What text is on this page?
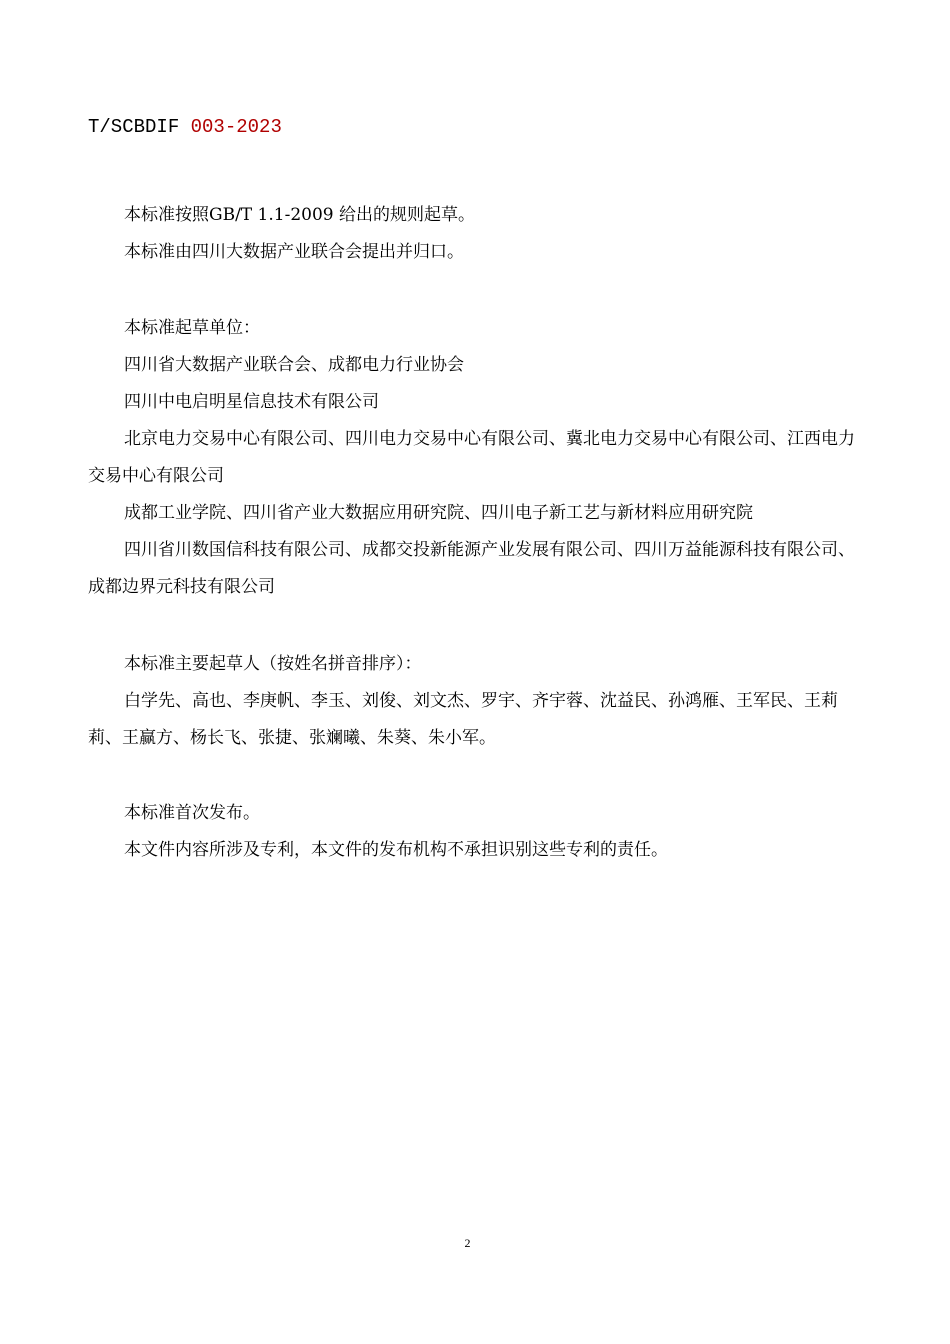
T/SCBDIF 003-2023

本标准按照GB/T 1.1-2009 给出的规则起草。

本标准由四川大数据产业联合会提出并归口。

本标准起草单位：

四川省大数据产业联合会、成都电力行业协会

四川中电启明星信息技术有限公司

北京电力交易中心有限公司、四川电力交易中心有限公司、冀北电力交易中心有限公司、江西电力交易中心有限公司

成都工业学院、四川省产业大数据应用研究院、四川电子新工艺与新材料应用研究院

四川省川数国信科技有限公司、成都交投新能源产业发展有限公司、四川万益能源科技有限公司、成都边界元科技有限公司

本标准主要起草人（按姓名拼音排序）：

白学先、高也、李庚帆、李玉、刘俊、刘文杰、罗宇、齐宇蓉、沈益民、孙鸿雁、王军民、王莉莉、王赢方、杨长飞、张捷、张斓曦、朱葵、朱小军。

本标准首次发布。

本文件内容所涉及专利，本文件的发布机构不承担识别这些专利的责任。

2
